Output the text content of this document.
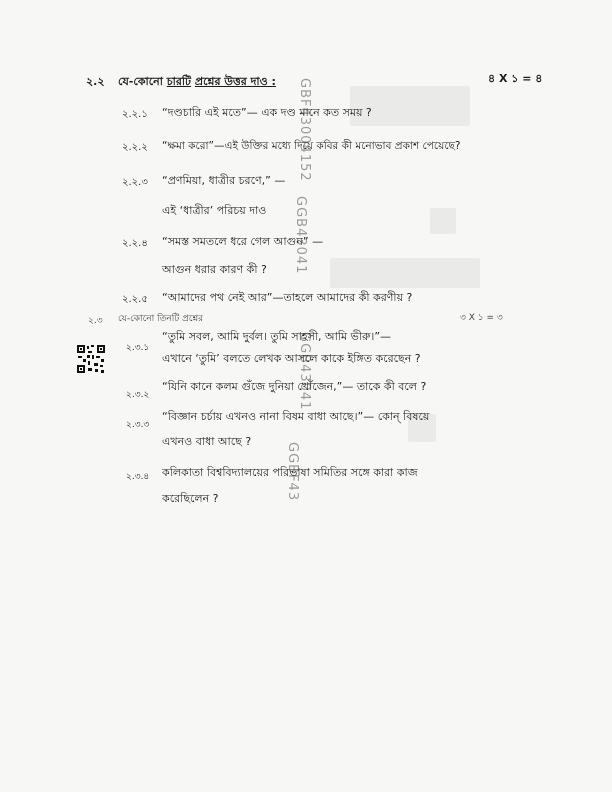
২.২ যে-কোনো চারটি প্রশ্নের উত্তর দাও :	৪ X ১ = ৪
২.২.১ “দণ্ডচারি এই মতে”— এক দণ্ড মানে কত সময় ?
২.২.২ “ক্ষমা করো”—এই উক্তির মধ্যে দিয়ে কবির কী মনোভাব প্রকাশ পেয়েছে?
২.২.৩ “প্রণমিয়া, ধাত্রীর চরণে,” —
এই ‘ধাত্রীর’ পরিচয় দাও
২.২.৪ “সমস্ত সমতলে ধরে গেল আগুন” —
আগুন ধরার কারণ কী ?
২.২.৫ “আমাদের পথ নেই আর”—তাহলে আমাদের কী করণীয় ?
২.৩ যে-কোনো তিনটি প্রশ্নের	৩ X ১ = ৩
২.৩.১
“তুমি সবল, আমি দুর্বল। তুমি সাহসী, আমি ভীরু।”—
এখানে ‘তুমি’ বলতে লেখক আসলে কাকে ইঙ্গিত করেছেন ?
২.৩.২
“যিনি কানে কলম গুঁজে দুনিয়া খোঁজেন,”— তাকে কী বলে ?
২.৩.৩
“বিজ্ঞান চর্চায় এখনও নানা বিষম বাধা আছে।”— কোন্ বিষয়ে
এখনও বাধা আছে ?
২.৩.৪ কলিকাতা বিশ্ববিদ্যালয়ের পরিভাষা সমিতির সঙ্গে কারা কাজ
করেছিলেন ?
GBF43004152
GGB43041
GGB43041
GGBF43
